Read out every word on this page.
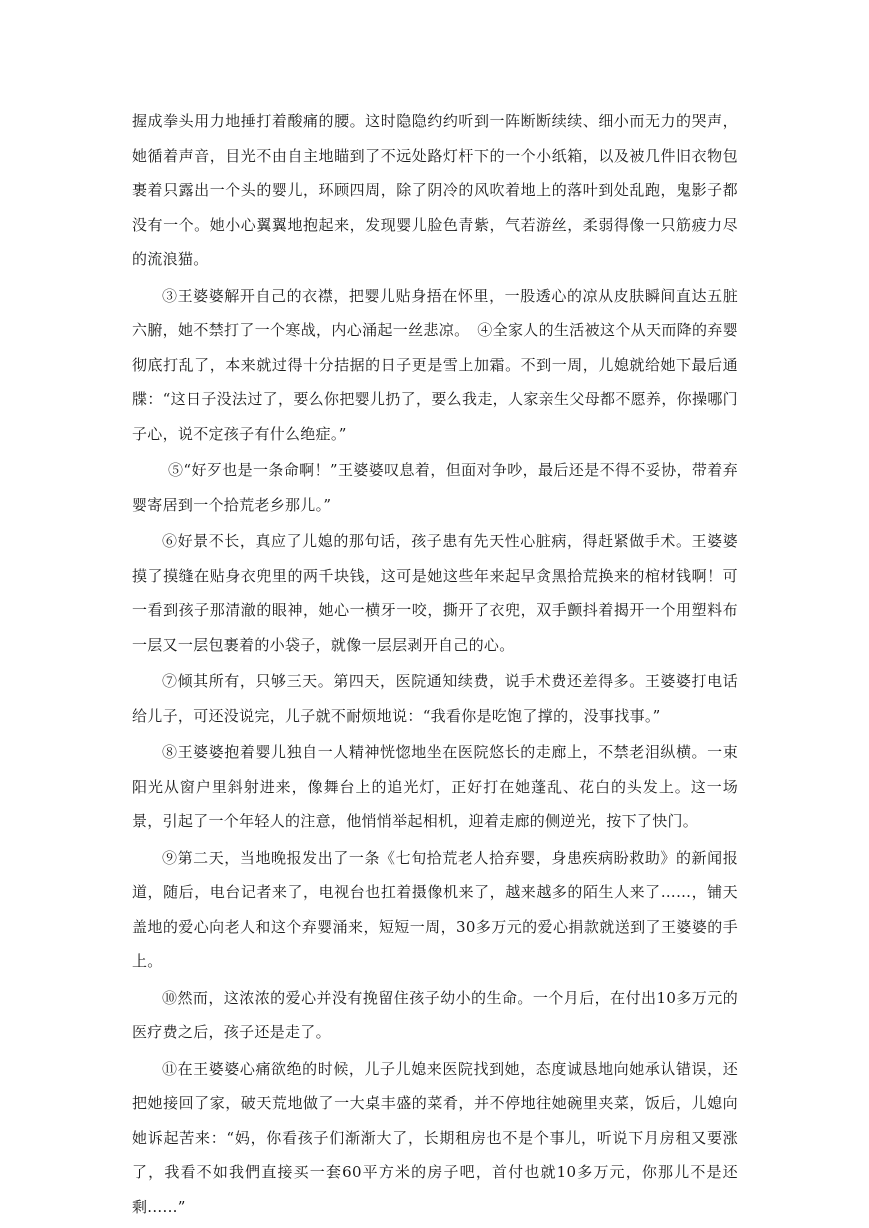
握成拳头用力地捶打着酸痛的腰。这时隐隐约约听到一阵断断续续、细小而无力的哭声，她循着声音，目光不由自主地瞄到了不远处路灯杆下的一个小纸箱，以及被几件旧衣物包裹着只露出一个头的婴儿，环顾四周，除了阴冷的风吹着地上的落叶到处乱跑，鬼影子都没有一个。她小心翼翼地抱起来，发现婴儿脸色青紫，气若游丝，柔弱得像一只筋疲力尽的流浪猫。

③王婆婆解开自己的衣襟，把婴儿贴身捂在怀里，一股透心的凉从皮肤瞬间直达五脏六腑，她不禁打了一个寒战，内心涌起一丝悲凉。　④全家人的生活被这个从天而降的弃婴彻底打乱了，本来就过得十分拮据的日子更是雪上加霜。不到一周，儿媳就给她下最后通牒：“这日子没法过了，要么你把婴儿扔了，要么我走，人家亲生父母都不愿养，你操哪门子心，说不定孩子有什么绝症。”

⑤“好歹也是一条命啊！”王婆婆叹息着，但面对争吵，最后还是不得不妥协，带着弃婴寄居到一个拾荒老乡那儿。”

⑥好景不长，真应了儿媳的那句话，孩子患有先天性心脏病，得赶紧做手术。王婆婆摸了摸缝在贴身衣兜里的两千块钱，这可是她这些年来起早贪黑拾荒换来的棺材钱啊！可一看到孩子那清澈的眼神，她心一横牙一咬，撕开了衣兜，双手颤抖着揭开一个用塑料布一层又一层包裹着的小袋子，就像一层层剥开自己的心。

⑦倾其所有，只够三天。第四天，医院通知续费，说手术费还差得多。王婆婆打电话给儿子，可还没说完，儿子就不耐烦地说：“我看你是吃饱了撑的，没事找事。”

⑧王婆婆抱着婴儿独自一人精神恍惚地坐在医院悠长的走廊上，不禁老泪纵横。一束阳光从窗户里斜射进来，像舞台上的追光灯，正好打在她蓬乱、花白的头发上。这一场景，引起了一个年轻人的注意，他悄悄举起相机，迎着走廊的侧逆光，按下了快门。

⑨第二天，当地晚报发出了一条《七旬拾荒老人拾弃婴，身患疾病盼救助》的新闻报道，随后，电台记者来了，电视台也扛着摄像机来了，越来越多的陌生人来了……，铺天盖地的爱心向老人和这个弃婴涌来，短短一周，30多万元的爱心捐款就送到了王婆婆的手上。

⑩然而，这浓浓的爱心并没有挽留住孩子幼小的生命。一个月后，在付出10多万元的医疗费之后，孩子还是走了。

⑪在王婆婆心痛欲绝的时候，儿子儿媳来医院找到她，态度诚恳地向她承认错误，还把她接回了家，破天荒地做了一大桌丰盛的菜肴，并不停地往她碗里夹菜，饭后，儿媳向她诉起苦来：“妈，你看孩子们渐渐大了，长期租房也不是个事儿，听说下月房租又要涨了，我看不如我們直接买一套60平方米的房子吧，首付也就10多万元，你那儿不是还剩......”
